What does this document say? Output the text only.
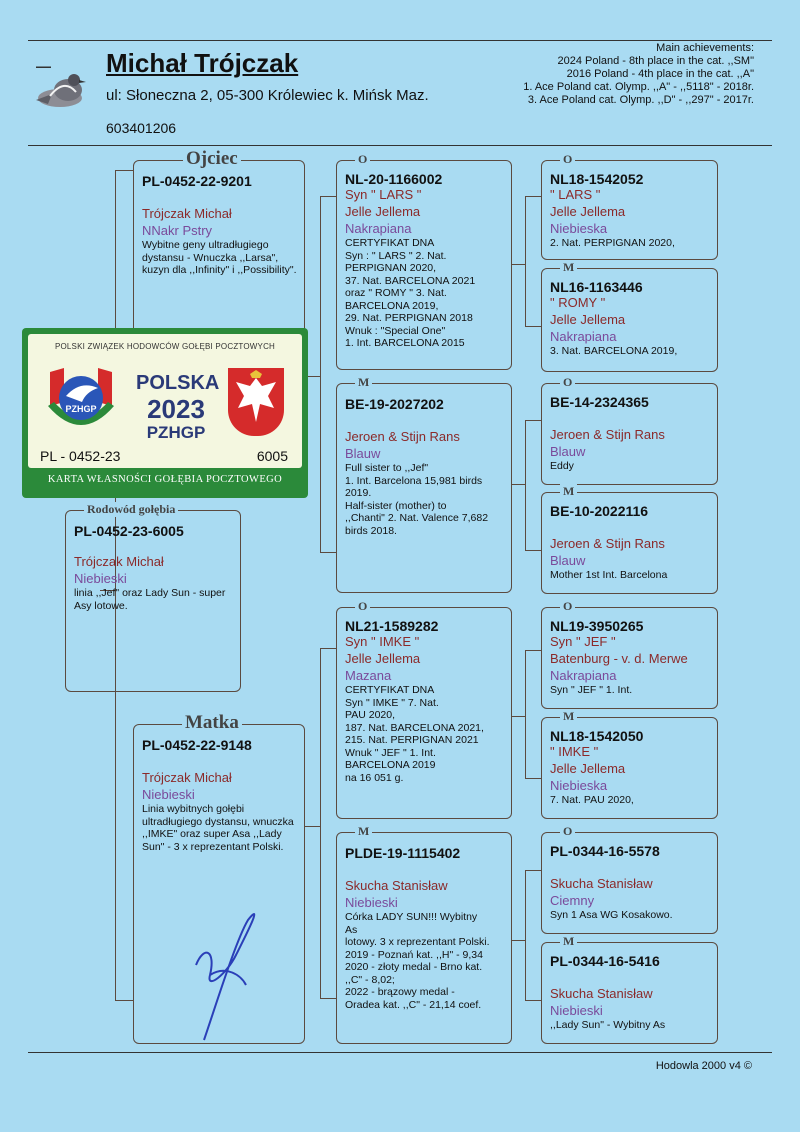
▬▬▬ Michał Trójczak
ul: Słoneczna 2, 05-300 Królewiec k. Mińsk Maz.
603401206
Main achievements:
2024 Poland - 8th place in the cat. ,,SM"
2016 Poland - 4th place in the cat. ,,A"
1. Ace Poland cat. Olymp. ,,A" - ,,5118" - 2018r.
3. Ace Poland cat. Olymp. ,,D" - ,,297" - 2017r.
PL-0452-22-9201
Trójczak Michał
NNakr Pstry
Wybitne geny ultradługiego dystansu - Wnuczka ,,Larsa", kuzyn dla ,,Infinity" i ,,Possibility".
Ojciec
PL-0452-23-6005
Trójczak Michał
Niebieski
linia ,,Jef" oraz Lady Sun - super Asy lotowe.
Rodowód gołębia
PL-0452-22-9148
Trójczak Michał
Niebieski
Linia wybitnych gołębi ultradługiego dystansu, wnuczka ,,IMKE" oraz super Asa ,,Lady Sun" - 3 x reprezentant Polski.
Matka
POLSKI ZWIĄZEK HODOWCÓW GOŁĘBI POCZTOWYCH
PZHGP
POLSKA
2023
PZHGP
PL - 0452-23	6005
KARTA WŁASNOŚCI GOŁĘBIA POCZTOWEGO
NL-20-1166002
Syn " LARS "
Jelle Jellema
Nakrapiana
CERTYFIKAT DNA
Syn : " LARS " 2. Nat.
PERPIGNAN 2020,
37. Nat. BARCELONA 2021
oraz " ROMY " 3. Nat.
BARCELONA 2019,
29. Nat. PERPIGNAN 2018
Wnuk : "Special One"
1. Int. BARCELONA 2015
O
BE-19-2027202
Jeroen & Stijn Rans
Blauw
Full sister to ,,Jef"
1. Int. Barcelona 15,981 birds
2019.
Half-sister (mother) to
,,Chanti" 2. Nat. Valence 7,682
birds 2018.
M
NL21-1589282
Syn " IMKE "
Jelle Jellema
Mazana
CERTYFIKAT DNA
Syn " IMKE " 7. Nat.
PAU 2020,
187. Nat. BARCELONA 2021,
215. Nat. PERPIGNAN 2021
Wnuk " JEF " 1. Int.
BARCELONA 2019
na 16 051 g.
O
PLDE-19-1115402
Skucha Stanisław
Niebieski
Córka LADY SUN!!! Wybitny
As
lotowy. 3 x reprezentant Polski.
2019 - Poznań kat. ,,H" - 9,34
2020 - złoty medal - Brno kat.
,,C" - 8,02;
2022 - brązowy medal -
Oradea kat. ,,C" - 21,14 coef.
M
NL18-1542052
" LARS "
Jelle Jellema
Niebieska
2. Nat. PERPIGNAN 2020,
O
NL16-1163446
" ROMY "
Jelle Jellema
Nakrapiana
3. Nat. BARCELONA 2019,
M
BE-14-2324365
Jeroen & Stijn Rans
Blauw
Eddy
O
BE-10-2022116
Jeroen & Stijn Rans
Blauw
Mother 1st Int. Barcelona
M
NL19-3950265
Syn " JEF "
Batenburg - v. d. Merwe
Nakrapiana
Syn " JEF " 1. Int.
O
NL18-1542050
" IMKE "
Jelle Jellema
Niebieska
7. Nat. PAU 2020,
M
PL-0344-16-5578
Skucha Stanisław
Ciemny
Syn 1 Asa WG Kosakowo.
O
PL-0344-16-5416
Skucha Stanisław
Niebieski
,,Lady Sun" - Wybitny As
M
Hodowla 2000 v4 ©
